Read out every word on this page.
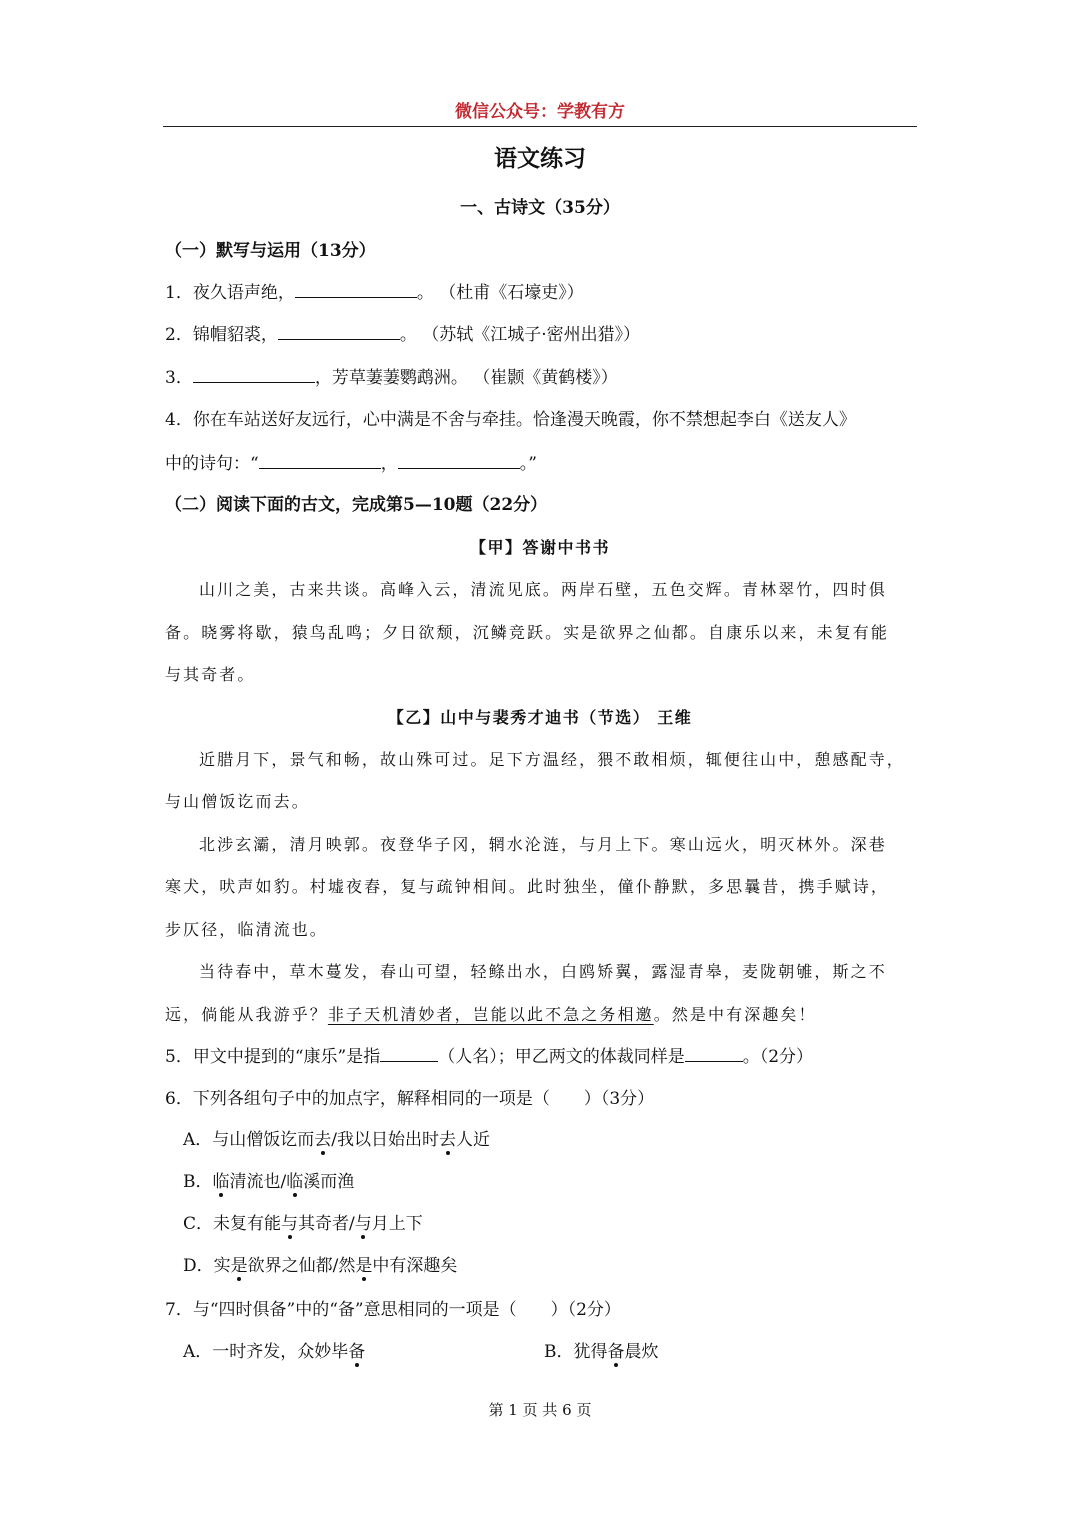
微信公众号：学教有方
语文练习
一、古诗文（35分）
（一）默写与运用（13分）
1．夜久语声绝，	。 （杜甫《石壕吏》）
2．锦帽貂裘，	。 （苏轼《江城子·密州出猎》）
3．	，芳草萋萋鹦鹉洲。 （崔颢《黄鹤楼》）
4．你在车站送好友远行，心中满是不舍与牵挂。恰逢漫天晚霞，你不禁想起李白《送友人》
中的诗句：“	，	。”
（二）阅读下面的古文，完成第5—10题（22分）
【甲】答谢中书书
山川之美，古来共谈。高峰入云，清流见底。两岸石壁，五色交辉。青林翠竹，四时俱
备。晓雾将歇，猿鸟乱鸣；夕日欲颓，沉鳞竞跃。实是欲界之仙都。自康乐以来，未复有能
与其奇者。
【乙】山中与裴秀才迪书（节选） 王维
近腊月下，景气和畅，故山殊可过。足下方温经，猥不敢相烦，辄便往山中，憩感配寺，
与山僧饭讫而去。
北涉玄灞，清月映郭。夜登华子冈，辋水沦涟，与月上下。寒山远火，明灭林外。深巷
寒犬，吠声如豹。村墟夜舂，复与疏钟相间。此时独坐，僮仆静默，多思曩昔，携手赋诗，
步仄径，临清流也。
当待春中，草木蔓发，春山可望，轻鲦出水，白鸥矫翼，露湿青皋，麦陇朝雊，斯之不
远，倘能从我游乎？非子天机清妙者，岂能以此不急之务相邀。然是中有深趣矣！
5．甲文中提到的“康乐”是指	（人名）；甲乙两文的体裁同样是	。（2分）
6．下列各组句子中的加点字，解释相同的一项是（　　）（3分）
A．与山僧饭讫而去/我以日始出时去人近
B．临清流也/临溪而渔
C．未复有能与其奇者/与月上下
D．实是欲界之仙都/然是中有深趣矣
7．与“四时俱备”中的“备”意思相同的一项是（　　）（2分）
A．一时齐发，众妙毕备	B．犹得备晨炊
第 1 页 共 6 页
